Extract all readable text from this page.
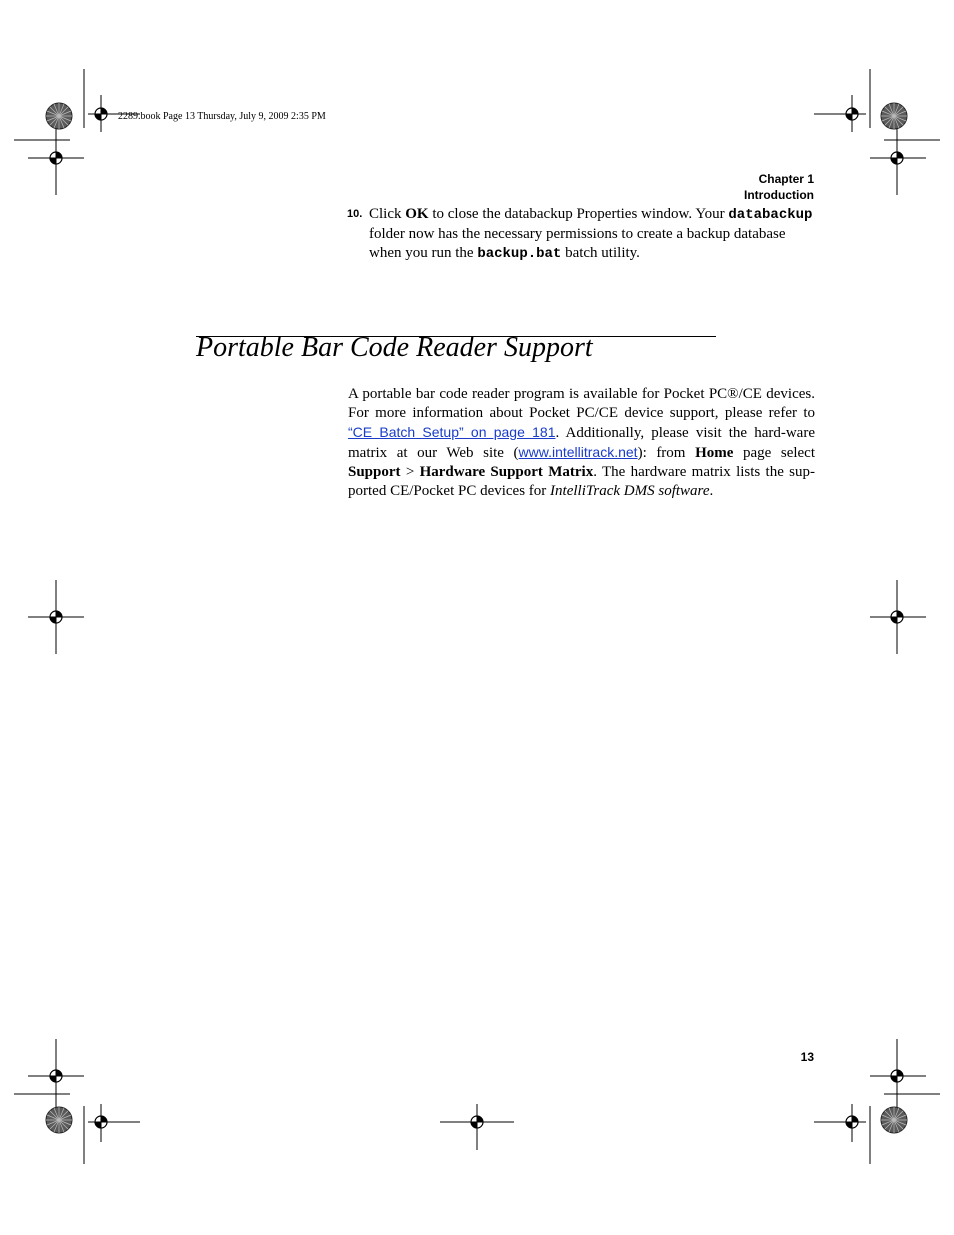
2289.book Page 13 Thursday, July 9, 2009 2:35 PM
Chapter 1
Introduction
10. Click OK to close the databackup Properties window. Your databackup folder now has the necessary permissions to create a backup database when you run the backup.bat batch utility.
Portable Bar Code Reader Support
A portable bar code reader program is available for Pocket PC®/CE devices. For more information about Pocket PC/CE device support, please refer to “CE Batch Setup” on page 181. Additionally, please visit the hard-ware matrix at our Web site (www.intellitrack.net): from Home page select Support > Hardware Support Matrix. The hardware matrix lists the sup-ported CE/Pocket PC devices for IntelliTrack DMS software.
13
